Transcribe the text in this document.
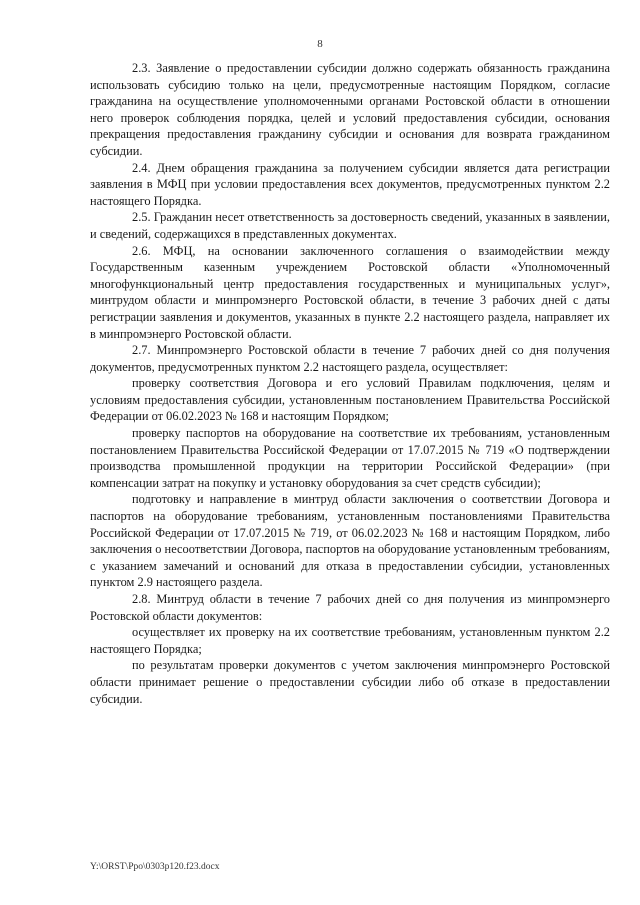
8

2.3. Заявление о предоставлении субсидии должно содержать обязанность гражданина использовать субсидию только на цели, предусмотренные настоящим Порядком, согласие гражданина на осуществление уполномоченными органами Ростовской области в отношении него проверок соблюдения порядка, целей и условий предоставления субсидии, основания прекращения предоставления гражданину субсидии и основания для возврата гражданином субсидии.

2.4. Днем обращения гражданина за получением субсидии является дата регистрации заявления в МФЦ при условии предоставления всех документов, предусмотренных пунктом 2.2 настоящего Порядка.

2.5. Гражданин несет ответственность за достоверность сведений, указанных в заявлении, и сведений, содержащихся в представленных документах.

2.6. МФЦ, на основании заключенного соглашения о взаимодействии между Государственным казенным учреждением Ростовской области «Уполномоченный многофункциональный центр предоставления государственных и муниципальных услуг», минтрудом области и минпромэнерго Ростовской области, в течение 3 рабочих дней с даты регистрации заявления и документов, указанных в пункте 2.2 настоящего раздела, направляет их в минпромэнерго Ростовской области.

2.7. Минпромэнерго Ростовской области в течение 7 рабочих дней со дня получения документов, предусмотренных пунктом 2.2 настоящего раздела, осуществляет:

проверку соответствия Договора и его условий Правилам подключения, целям и условиям предоставления субсидии, установленным постановлением Правительства Российской Федерации от 06.02.2023 № 168 и настоящим Порядком;

проверку паспортов на оборудование на соответствие их требованиям, установленным постановлением Правительства Российской Федерации от 17.07.2015 № 719 «О подтверждении производства промышленной продукции на территории Российской Федерации» (при компенсации затрат на покупку и установку оборудования за счет средств субсидии);

подготовку и направление в минтруд области заключения о соответствии Договора и паспортов на оборудование требованиям, установленным постановлениями Правительства Российской Федерации от 17.07.2015 № 719, от 06.02.2023 № 168 и настоящим Порядком, либо заключения о несоответствии Договора, паспортов на оборудование установленным требованиям, с указанием замечаний и оснований для отказа в предоставлении субсидии, установленных пунктом 2.9 настоящего раздела.

2.8. Минтруд области в течение 7 рабочих дней со дня получения из минпромэнерго Ростовской области документов:

осуществляет их проверку на их соответствие требованиям, установленным пунктом 2.2 настоящего Порядка;

по результатам проверки документов с учетом заключения минпромэнерго Ростовской области принимает решение о предоставлении субсидии либо об отказе в предоставлении субсидии.

Y:\ORST\Ppo\0303p120.f23.docx
